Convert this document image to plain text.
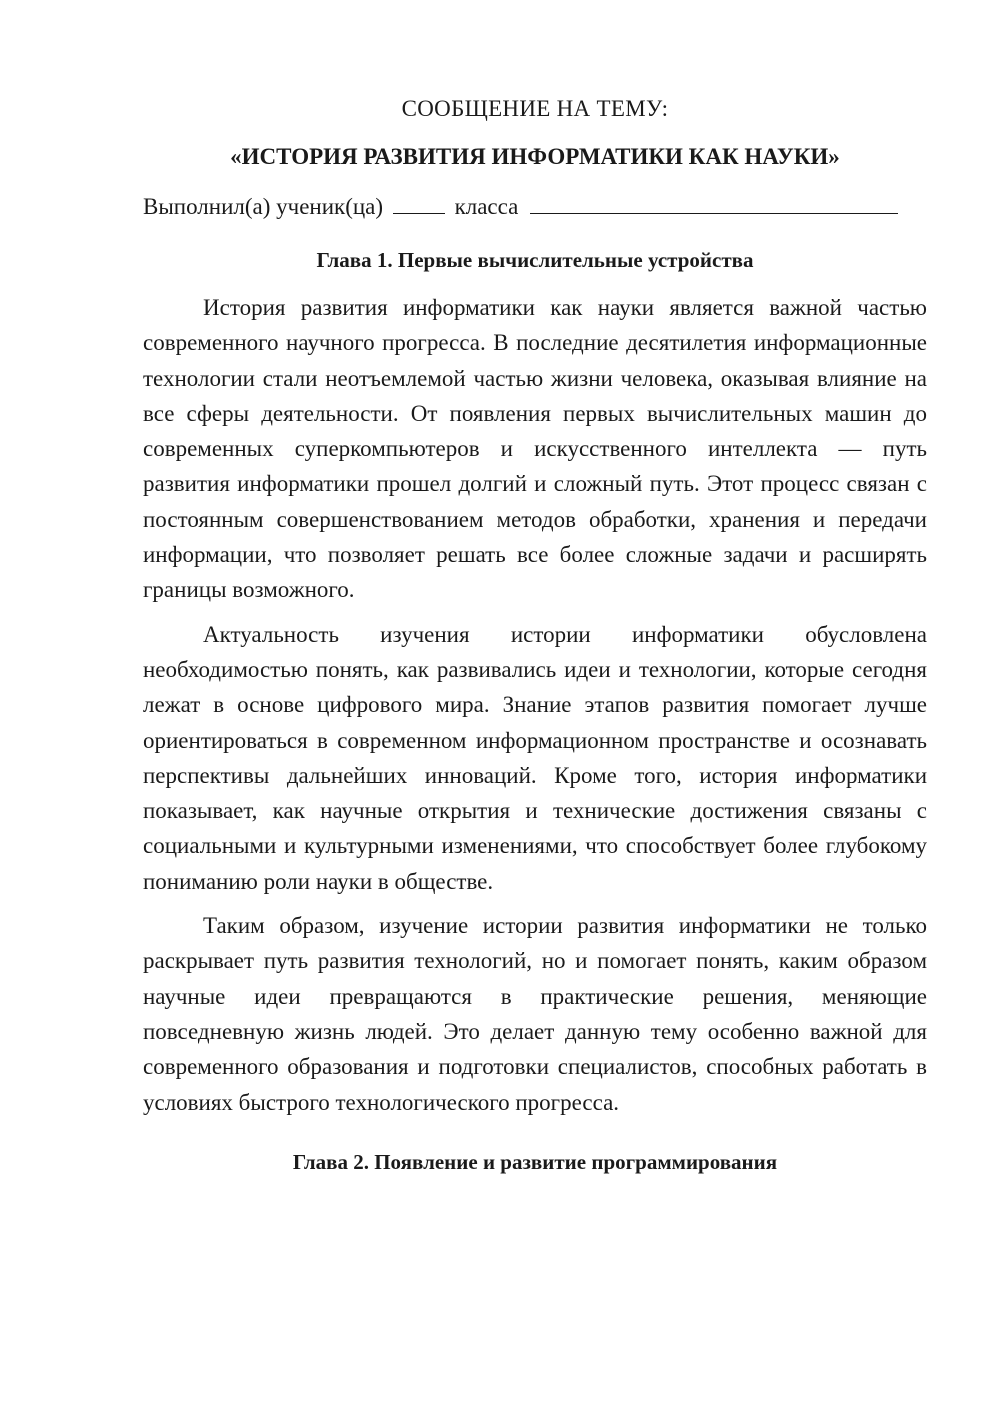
СООБЩЕНИЕ НА ТЕМУ:

«ИСТОРИЯ РАЗВИТИЯ ИНФОРМАТИКИ КАК НАУКИ»

Выполнил(а) ученик(ца)	класса
Глава 1. Первые вычислительные устройства

История развития информатики как науки является важной частью современного научного прогресса. В последние десятилетия информационные технологии стали неотъемлемой частью жизни человека, оказывая влияние на все сферы деятельности. От появления первых вычислительных машин до современных суперкомпьютеров и искусственного интеллекта — путь развития информатики прошел долгий и сложный путь. Этот процесс связан с постоянным совершенствованием методов обработки, хранения и передачи информации, что позволяет решать все более сложные задачи и расширять границы возможного.

Актуальность изучения истории информатики обусловлена необходимостью понять, как развивались идеи и технологии, которые сегодня лежат в основе цифрового мира. Знание этапов развития помогает лучше ориентироваться в современном информационном пространстве и осознавать перспективы дальнейших инноваций. Кроме того, история информатики показывает, как научные открытия и технические достижения связаны с социальными и культурными изменениями, что способствует более глубокому пониманию роли науки в обществе.

Таким образом, изучение истории развития информатики не только раскрывает путь развития технологий, но и помогает понять, каким образом научные идеи превращаются в практические решения, меняющие повседневную жизнь людей. Это делает данную тему особенно важной для современного образования и подготовки специалистов, способных работать в условиях быстрого технологического прогресса.

Глава 2. Появление и развитие программирования
